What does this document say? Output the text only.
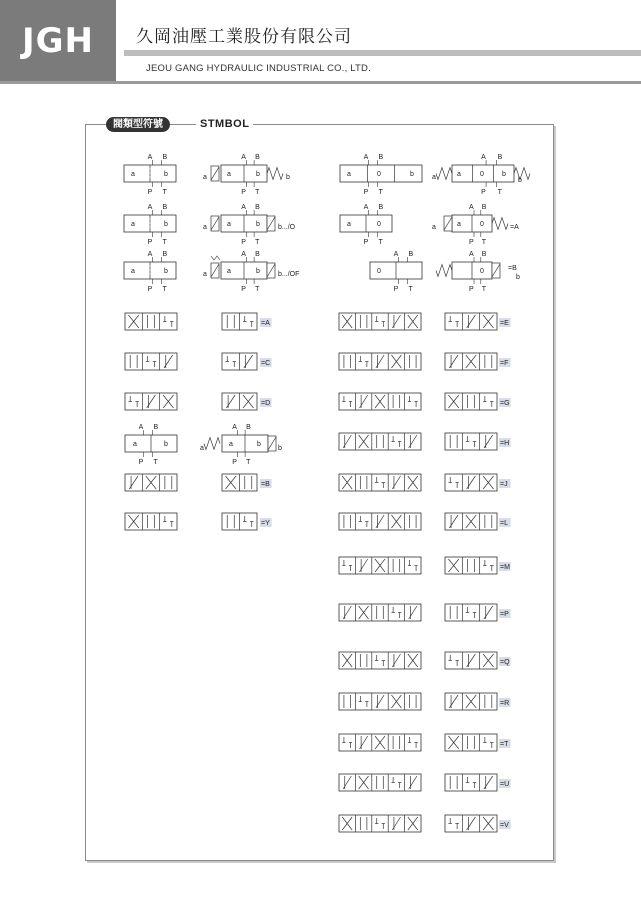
JGH	久岡油壓工業股份有限公司
JEOU GANG HYDRAULIC INDUSTRIAL CO., LTD.
閥類型符號	STMBOL
a	b
A B
P T
a	b
A B
P T
a	b
a	b
A B
P T
a	b
A B
P T
a	b.../O
a	b
A B
P T
a	b
A B
P T
a	b.../OF
a	0	b
A B
P T
a	0	b
a	b
A B
P T
a	0
A B
P T
a	0
a	=A
A B
P T
0
A B
P T
0	=B
b
A B
P T
=A
=C
=D
=B
=Y
a	b
A B
P T
a	b
a	b
A B
P T
=E
=F
=G
=H
=J
=L
=M
=P
=Q
=R
=T
=U
=V
